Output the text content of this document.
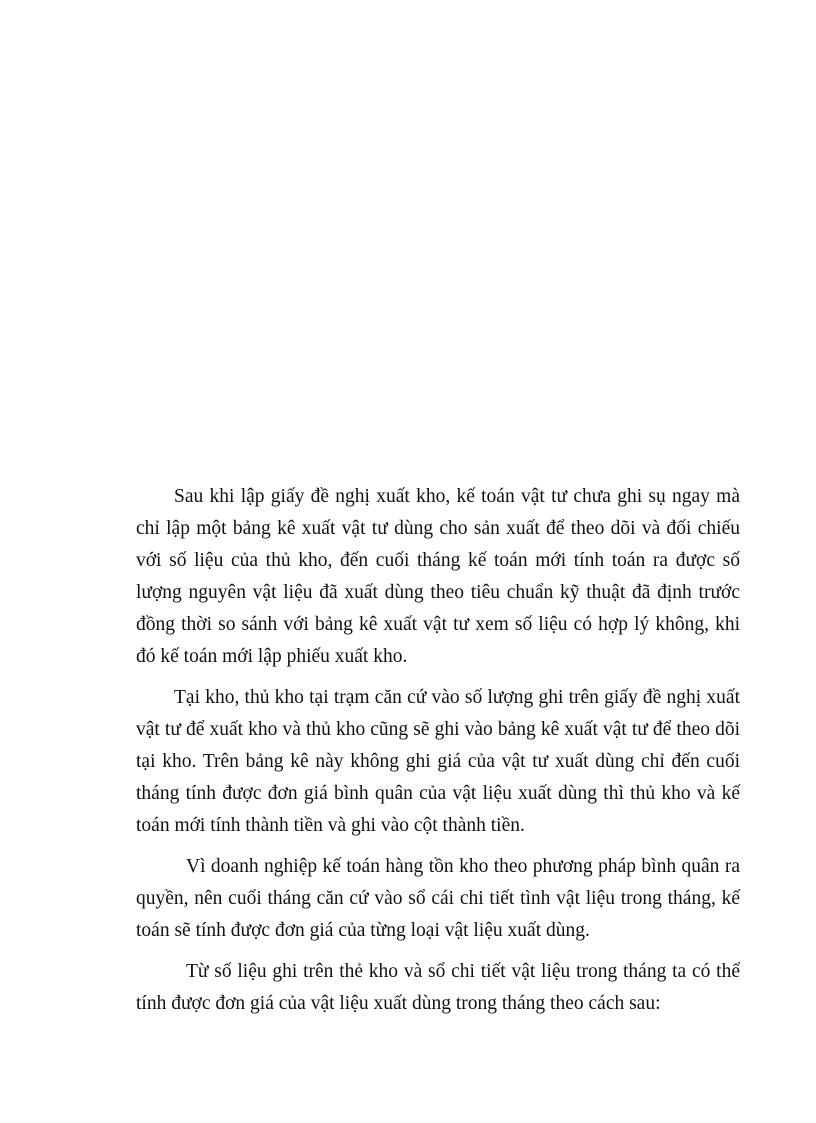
Sau khi lập giấy đề nghị xuất kho, kế toán vật tư chưa ghi sụ ngay mà chỉ lập một bảng kê xuất vật tư dùng cho sản xuất để theo dõi và đối chiếu với số liệu của thủ kho, đến cuối tháng kế toán mới tính toán ra được số lượng nguyên vật liệu đã xuất dùng theo tiêu chuẩn kỹ thuật đã định trước đồng thời so sánh với bảng kê xuất vật tư xem số liệu có hợp lý không, khi đó kế toán mới lập phiếu xuất kho.

Tại kho, thủ kho tại trạm căn cứ vào số lượng ghi trên giấy đề nghị xuất vật tư để xuất kho và thủ kho cũng sẽ ghi vào bảng kê xuất vật tư để theo dõi tại kho. Trên bảng kê này không ghi giá của vật tư xuất dùng chỉ đến cuối tháng tính được đơn giá bình quân của vật liệu xuất dùng thì thủ kho và kế toán mới tính thành tiền và ghi vào cột thành tiền.

Vì doanh nghiệp kế toán hàng tồn kho theo phương pháp bình quân ra quyền, nên cuối tháng căn cứ vào sổ cái chi tiết tình vật liệu trong tháng, kế toán sẽ tính được đơn giá của từng loại vật liệu xuất dùng.

Từ số liệu ghi trên thẻ kho và sổ chi tiết vật liệu trong tháng ta có thể tính được đơn giá của vật liệu xuất dùng trong tháng theo cách sau:
